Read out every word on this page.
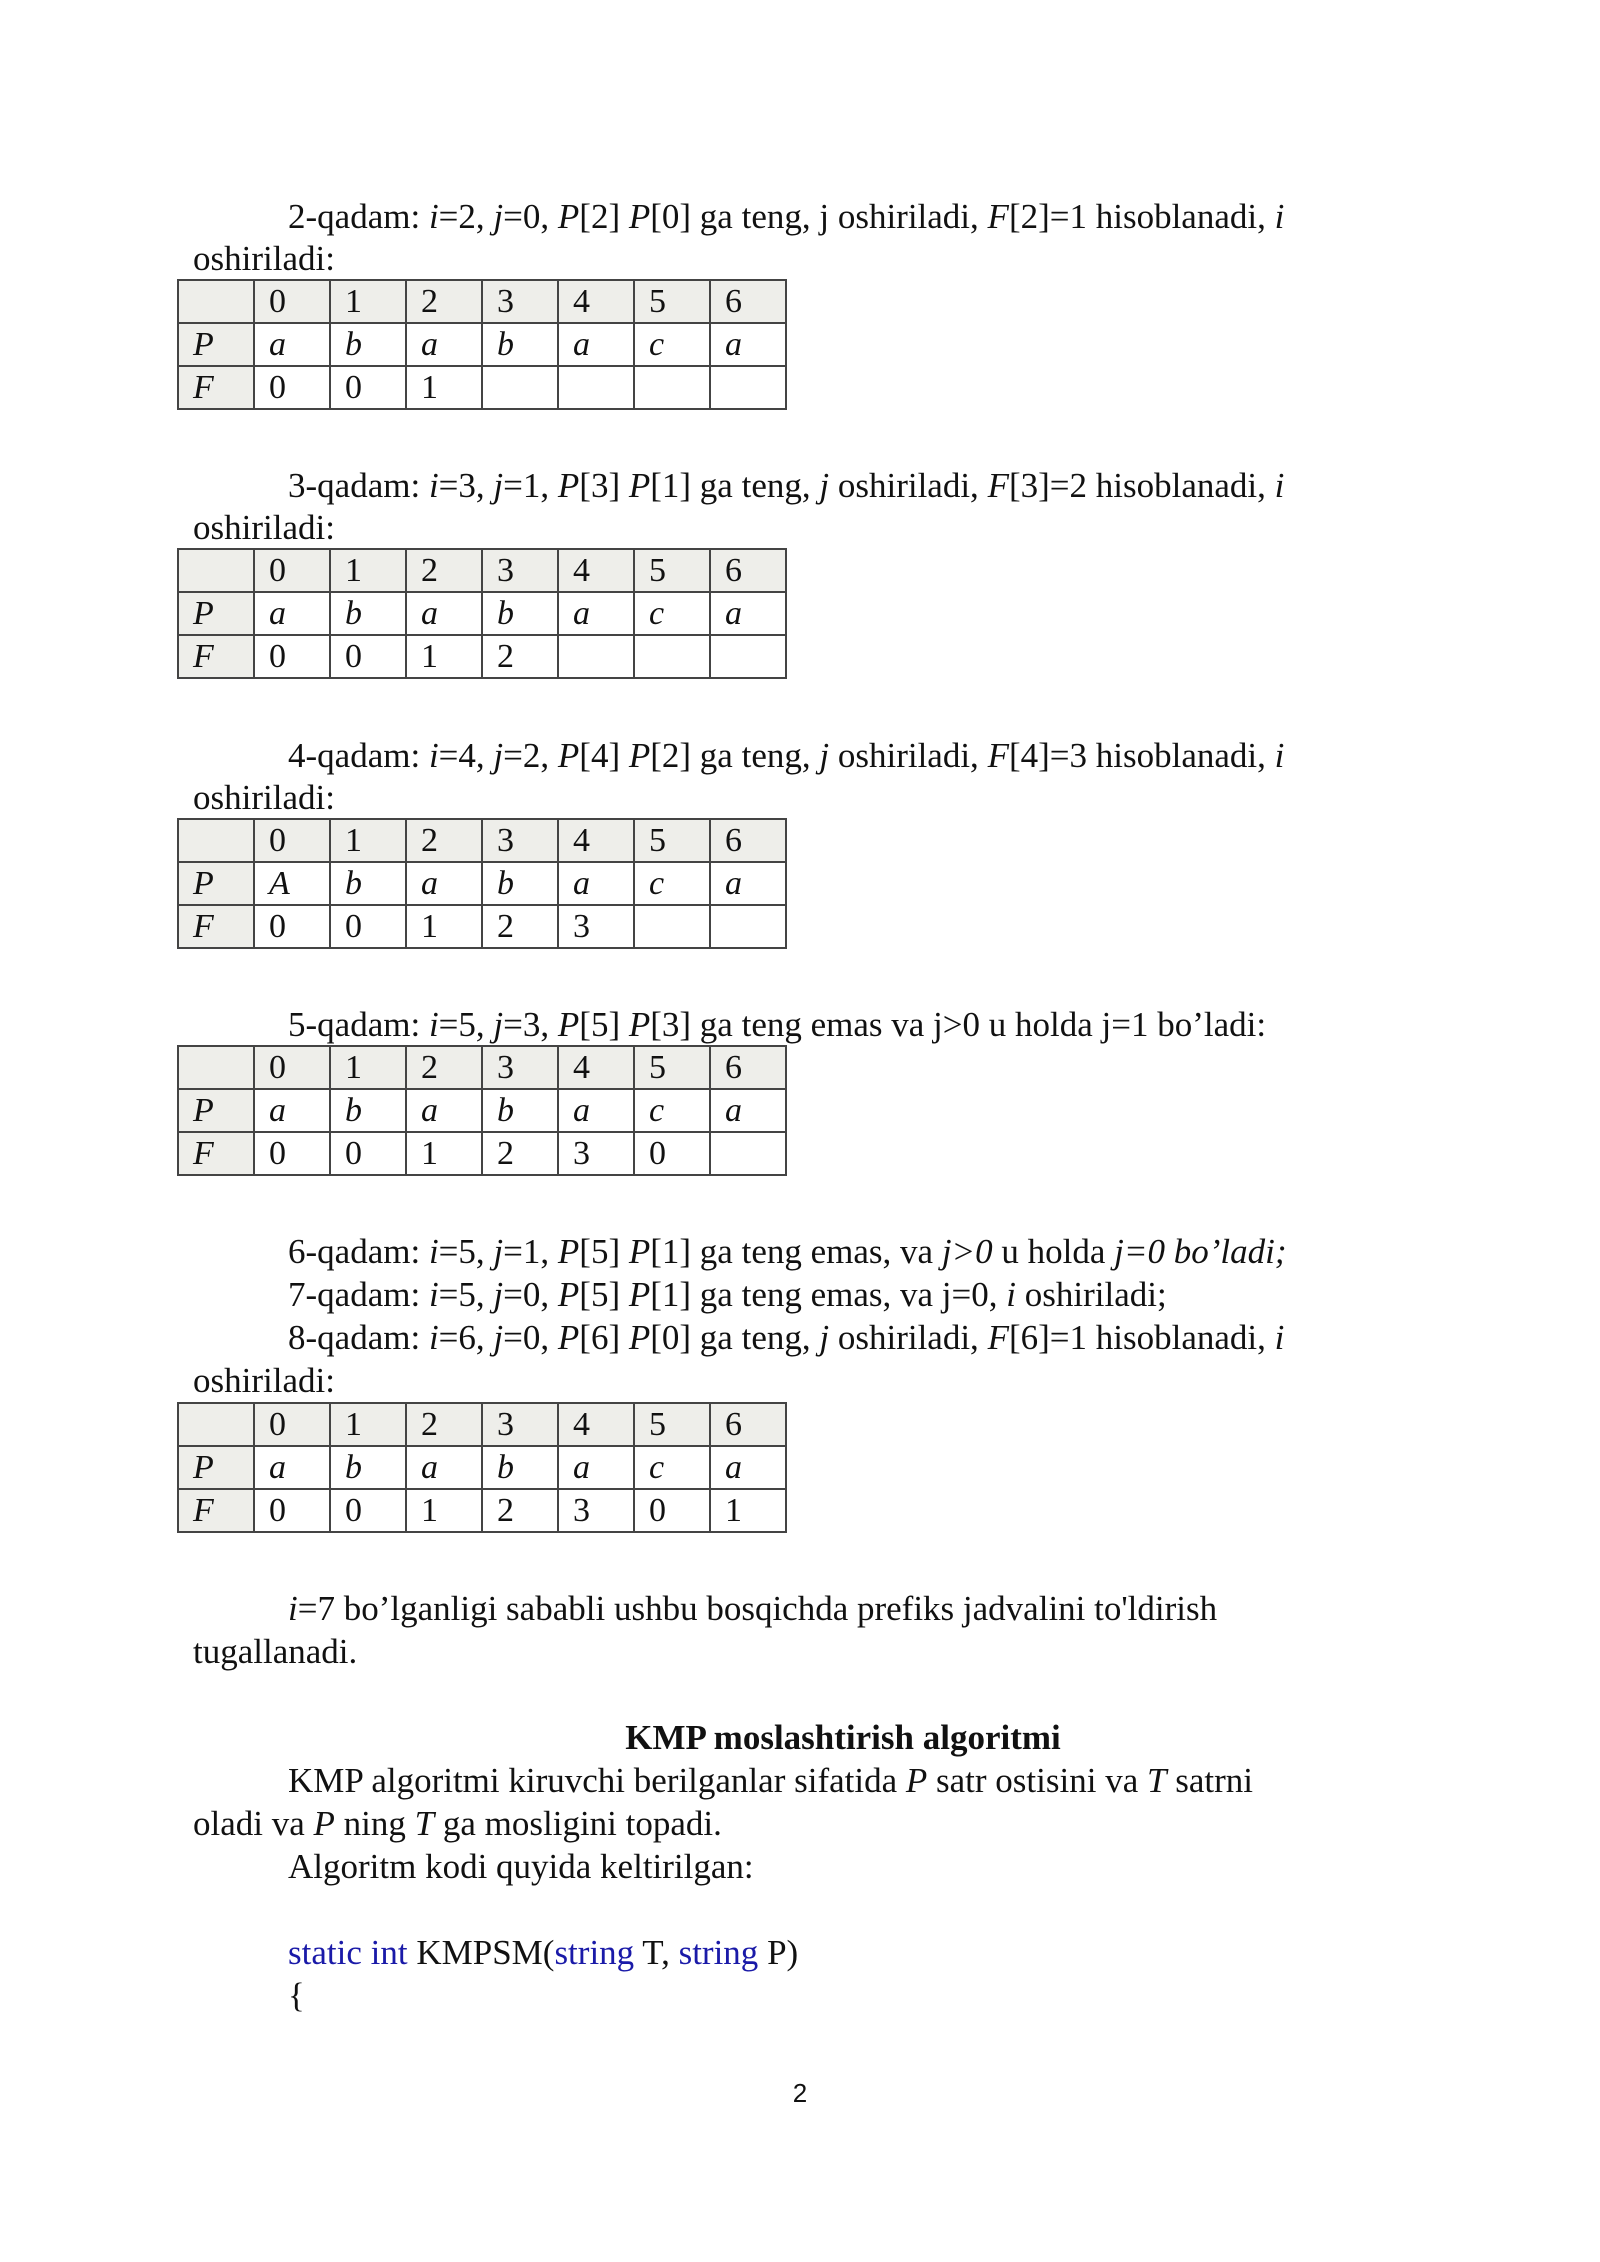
2-qadam: i=2, j=0, P[2] P[0] ga teng, j oshiriladi, F[2]=1 hisoblanadi, i

oshiriladi:

	0	1	2	3	4	5	6
P	a	b	a	b	a	c	a
F	0	0	1				

3-qadam: i=3, j=1, P[3] P[1] ga teng, j oshiriladi, F[3]=2 hisoblanadi, i

oshiriladi:

	0	1	2	3	4	5	6
P	a	b	a	b	a	c	a
F	0	0	1	2			

4-qadam: i=4, j=2, P[4] P[2] ga teng, j oshiriladi, F[4]=3 hisoblanadi, i

oshiriladi:

	0	1	2	3	4	5	6
P	A	b	a	b	a	c	a
F	0	0	1	2	3		

5-qadam: i=5, j=3, P[5] P[3] ga teng emas va j>0 u holda j=1 bo’ladi:

	0	1	2	3	4	5	6
P	a	b	a	b	a	c	a
F	0	0	1	2	3	0	

6-qadam: i=5, j=1, P[5] P[1] ga teng emas, va j>0 u holda j=0 bo’ladi;

7-qadam: i=5, j=0, P[5] P[1] ga teng emas, va j=0, i oshiriladi;

8-qadam: i=6, j=0, P[6] P[0] ga teng, j oshiriladi, F[6]=1 hisoblanadi, i

oshiriladi:

	0	1	2	3	4	5	6
P	a	b	a	b	a	c	a
F	0	0	1	2	3	0	1

i=7 bo’lganligi sababli ushbu bosqichda prefiks jadvalini to'ldirish

tugallanadi.

KMP moslashtirish algoritmi

KMP algoritmi kiruvchi berilganlar sifatida P satr ostisini va T satrni

oladi va P ning T ga mosligini topadi.

Algoritm kodi quyida keltirilgan:

static int KMPSM(string T, string P)

{

2
